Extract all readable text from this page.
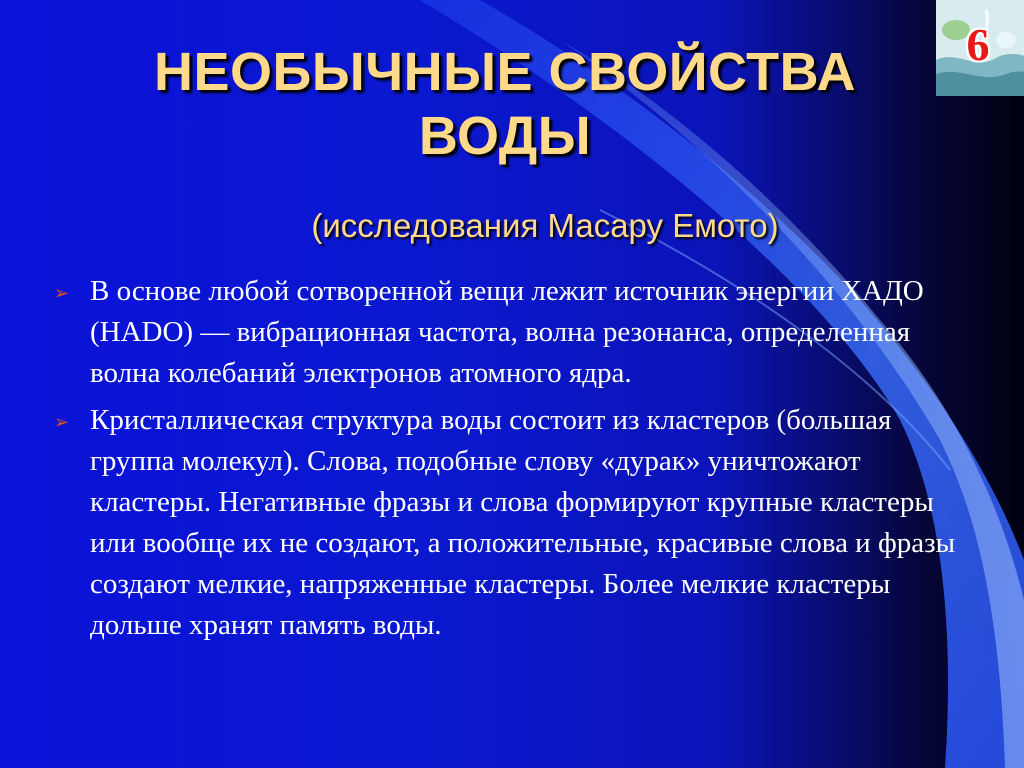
6
НЕОБЫЧНЫЕ СВОЙСТВА
ВОДЫ
(исследования Масару Емото)
➢ В основе любой сотворенной вещи лежит источник энергии ХАДО (HADO) — вибрационная частота, волна резонанса, определенная волна колебаний электронов атомного ядра.
➢ Кристаллическая структура воды состоит из кластеров (большая группа молекул). Слова, подобные слову «дурак» уничтожают кластеры. Негативные фразы и слова формируют крупные кластеры или вообще их не создают, а положительные, красивые слова и фразы создают мелкие, напряженные кластеры. Более мелкие кластеры дольше хранят память воды.
